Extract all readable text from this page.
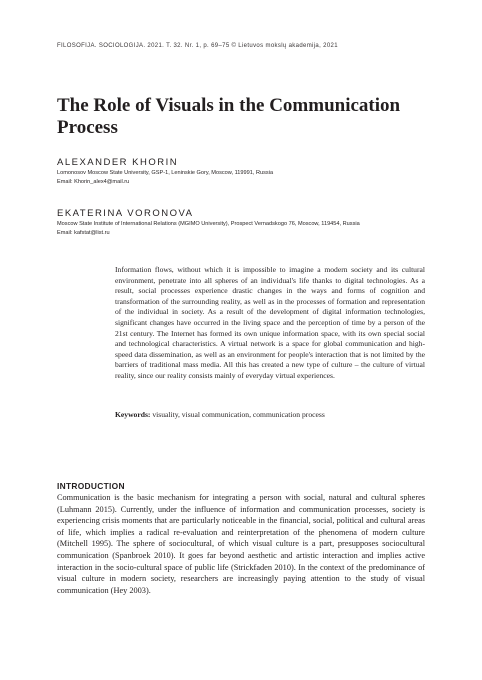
FILOSOFIJA. SOCIOLOGIJA. 2021. T. 32. Nr. 1, p. 69–75 © Lietuvos mokslų akademija, 2021
The Role of Visuals in the Communication Process
ALEXANDER KHORIN
Lomonosov Moscow State University, GSP-1, Leninskie Gory, Moscow, 119991, Russia
Email: Khorin_alex4@mail.ru
EKATERINA VORONOVA
Moscow State Institute of International Relations (MGIMO University), Prospect Vernadskogo 76, Moscow, 119454, Russia
Email: kafstat@list.ru

Information flows, without which it is impossible to imagine a modern society and its cultural environment, penetrate into all spheres of an individual's life thanks to digital technologies. As a result, social processes experience drastic changes in the ways and forms of cognition and transformation of the surrounding reality, as well as in the processes of formation and representation of the individual in society. As a result of the development of digital information technologies, significant changes have occurred in the living space and the perception of time by a person of the 21st century. The Internet has formed its own unique information space, with its own special social and technological characteristics. A virtual network is a space for global communication and high-speed data dissemination, as well as an environment for people's interaction that is not limited by the barriers of traditional mass media. All this has created a new type of culture – the culture of virtual reality, since our reality consists mainly of everyday virtual experiences.

Keywords: visuality, visual communication, communication process
INTRODUCTION

Communication is the basic mechanism for integrating a person with social, natural and cultural spheres (Luhmann 2015). Currently, under the influence of information and communication processes, society is experiencing crisis moments that are particularly noticeable in the financial, social, political and cultural areas of life, which implies a radical re-evaluation and reinterpretation of the phenomena of modern culture (Mitchell 1995). The sphere of sociocultural, of which visual culture is a part, presupposes sociocultural communication (Spanbroek 2010). It goes far beyond aesthetic and artistic interaction and implies active interaction in the socio-cultural space of public life (Strickfaden 2010). In the context of the predominance of visual culture in modern society, researchers are increasingly paying attention to the study of visual communication (Hey 2003).
